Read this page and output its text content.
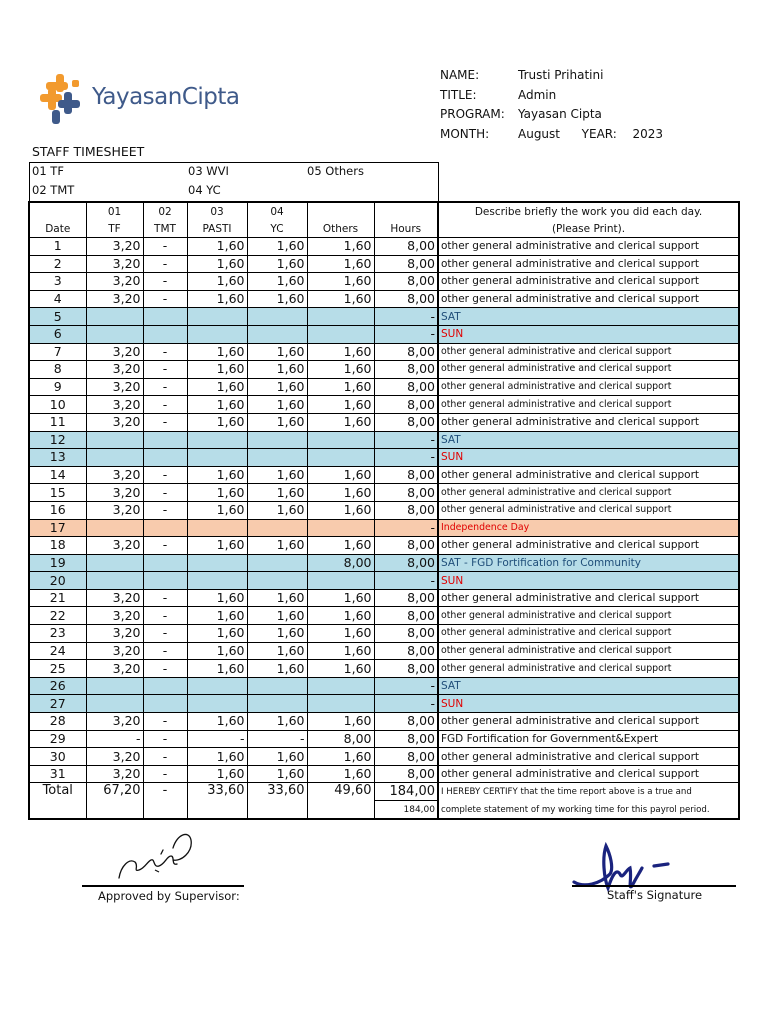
YayasanCipta
NAME:	Trusti Prihatini
TITLE:	Admin
PROGRAM: Yayasan Cipta
MONTH: August YEAR: 2023
STAFF TIMESHEET
01 TF
02 TMT
03 WVI
04 YC
05 Others
	01	02	03	04			Describe briefly the work you did each day.
Date	TF	TMT	PASTI	YC	Others	Hours	(Please Print).
1	3,20	-	1,60	1,60	1,60	8,00	other general administrative and clerical support
2	3,20	-	1,60	1,60	1,60	8,00	other general administrative and clerical support
3	3,20	-	1,60	1,60	1,60	8,00	other general administrative and clerical support
4	3,20	-	1,60	1,60	1,60	8,00	other general administrative and clerical support
5						-	SAT
6						-	SUN
7	3,20	-	1,60	1,60	1,60	8,00	other general administrative and clerical support
8	3,20	-	1,60	1,60	1,60	8,00	other general administrative and clerical support
9	3,20	-	1,60	1,60	1,60	8,00	other general administrative and clerical support
10	3,20	-	1,60	1,60	1,60	8,00	other general administrative and clerical support
11	3,20	-	1,60	1,60	1,60	8,00	other general administrative and clerical support
12						-	SAT
13						-	SUN
14	3,20	-	1,60	1,60	1,60	8,00	other general administrative and clerical support
15	3,20	-	1,60	1,60	1,60	8,00	other general administrative and clerical support
16	3,20	-	1,60	1,60	1,60	8,00	other general administrative and clerical support
17						-	Independence Day
18	3,20	-	1,60	1,60	1,60	8,00	other general administrative and clerical support
19					8,00	8,00	SAT - FGD Fortification for Community
20						-	SUN
21	3,20	-	1,60	1,60	1,60	8,00	other general administrative and clerical support
22	3,20	-	1,60	1,60	1,60	8,00	other general administrative and clerical support
23	3,20	-	1,60	1,60	1,60	8,00	other general administrative and clerical support
24	3,20	-	1,60	1,60	1,60	8,00	other general administrative and clerical support
25	3,20	-	1,60	1,60	1,60	8,00	other general administrative and clerical support
26						-	SAT
27						-	SUN
28	3,20	-	1,60	1,60	1,60	8,00	other general administrative and clerical support
29	-	-	-	-	8,00	8,00	FGD Fortification for Government&Expert
30	3,20	-	1,60	1,60	1,60	8,00	other general administrative and clerical support
31	3,20	-	1,60	1,60	1,60	8,00	other general administrative and clerical support
Total	67,20	-	33,60	33,60	49,60	184,00	I HEREBY CERTIFY that the time report above is a true and
						184,00	complete statement of my working time for this payrol period.
Approved by Supervisor:	Staff's Signature
